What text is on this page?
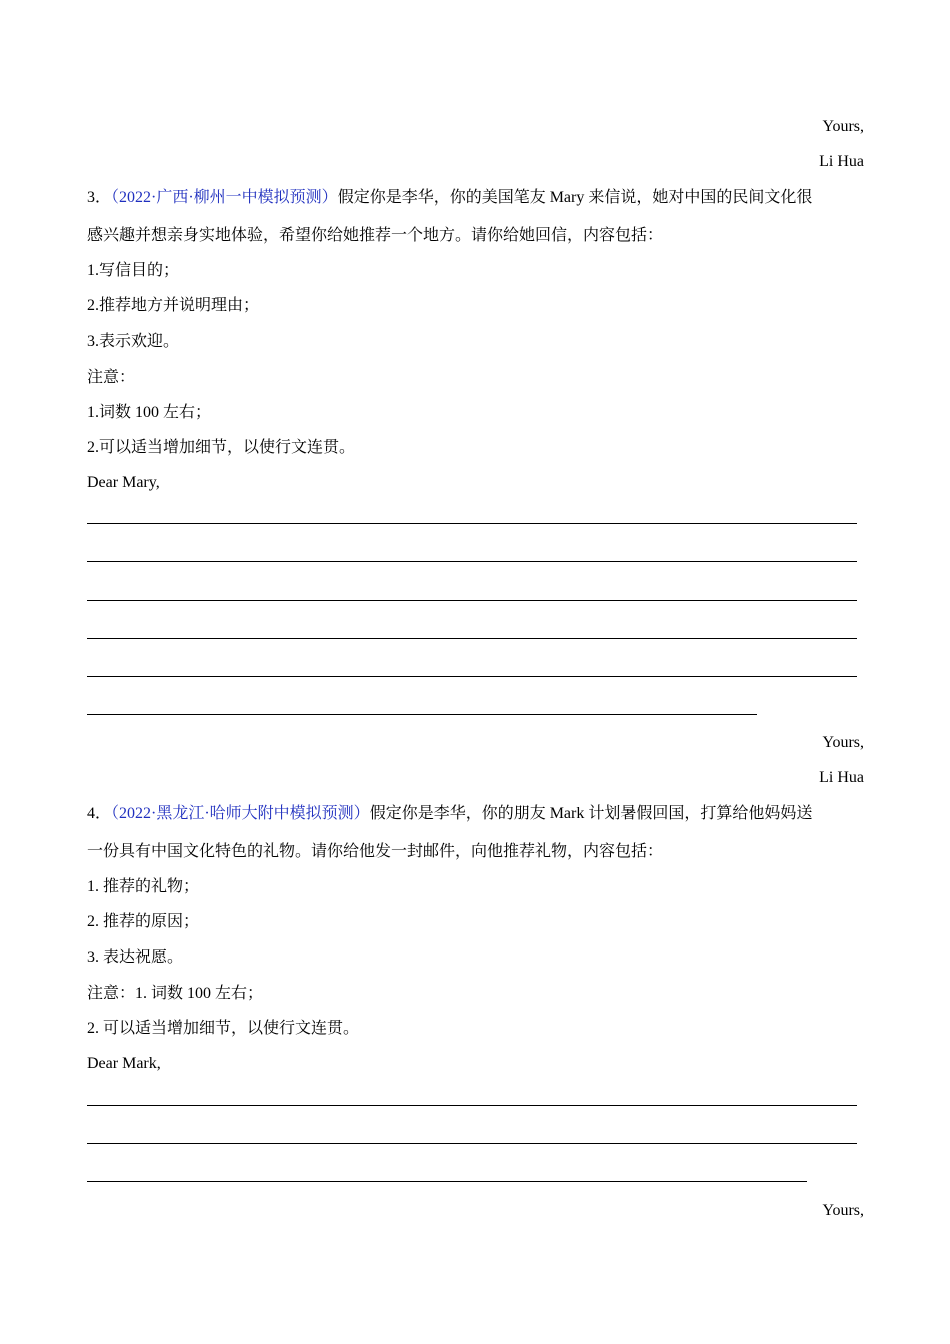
Yours,
Li Hua
3．（2022·广西·柳州一中模拟预测）假定你是李华，你的美国笔友 Mary 来信说，她对中国的民间文化很
感兴趣并想亲身实地体验，希望你给她推荐一个地方。请你给她回信，内容包括：
1.写信目的；
2.推荐地方并说明理由；
3.表示欢迎。
注意：
1.词数 100 左右；
2.可以适当增加细节，以使行文连贯。
Dear Mary,
Yours,
Li Hua
4．（2022·黑龙江·哈师大附中模拟预测）假定你是李华，你的朋友 Mark 计划暑假回国，打算给他妈妈送
一份具有中国文化特色的礼物。请你给他发一封邮件，向他推荐礼物，内容包括：
1. 推荐的礼物；
2. 推荐的原因；
3. 表达祝愿。
注意：1. 词数 100 左右；
2. 可以适当增加细节，以使行文连贯。
Dear Mark,
Yours,
